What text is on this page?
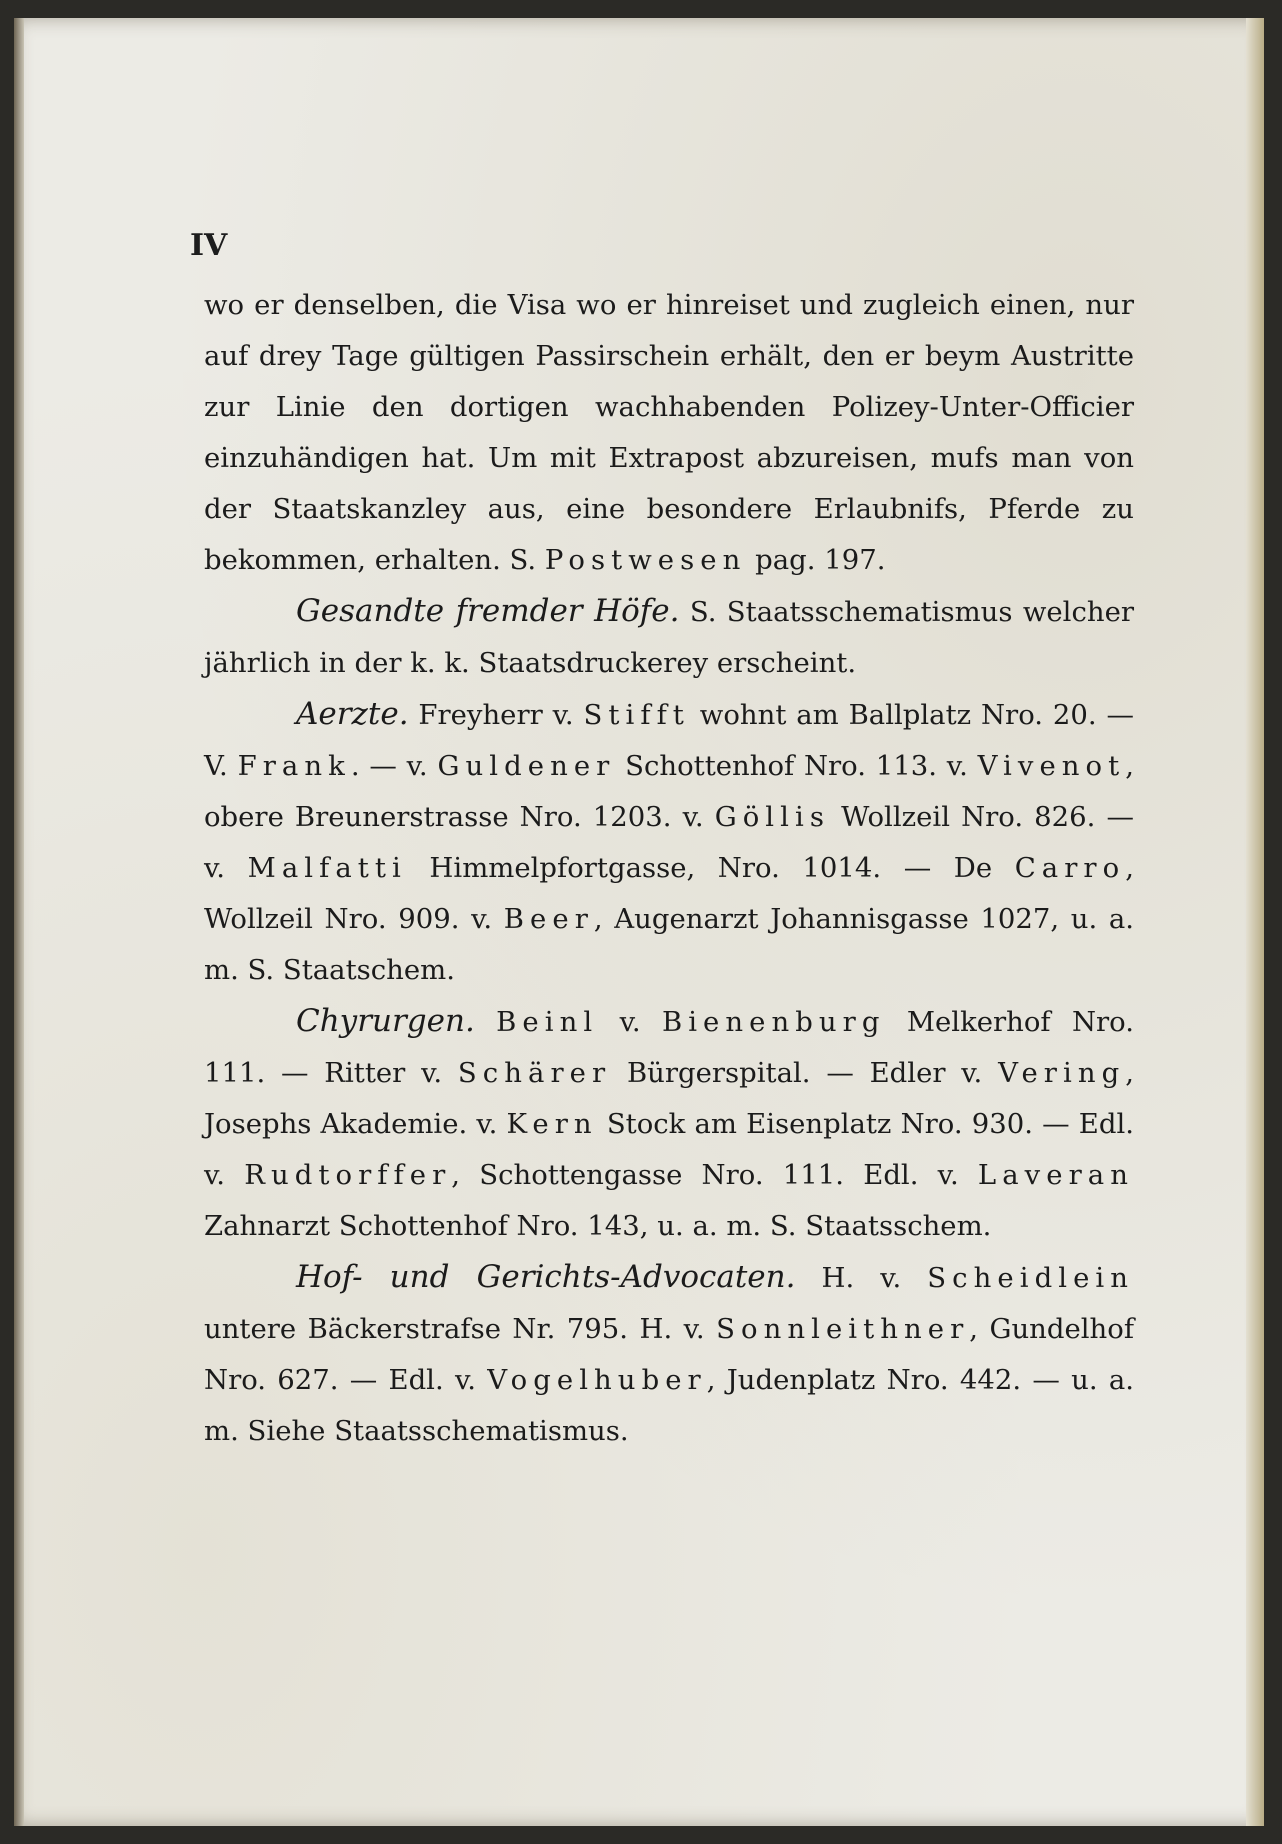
IV

wo er denselben, die Visa wo er hinreiset und zugleich einen, nur auf drey Tage gültigen Passirschein erhält, den er beym Austritte zur Linie den dortigen wachhabenden Polizey-Unter-Officier einzuhändigen hat. Um mit Extrapost abzureisen, mufs man von der Staatskanzley aus, eine besondere Erlaubnifs, Pferde zu bekommen, erhalten. S. Postwesen pag. 197.

Gesandte fremder Höfe. S. Staatsschematismus welcher jährlich in der k. k. Staatsdruckerey erscheint.

Aerzte. Freyherr v. Stifft wohnt am Ballplatz Nro. 20. — V. Frank. — v. Guldener Schottenhof Nro. 113. v. Vivenot, obere Breunerstrasse Nro. 1203. v. Göllis Wollzeil Nro. 826. — v. Malfatti Himmelpfortgasse, Nro. 1014. — De Carro, Wollzeil Nro. 909. v. Beer, Augenarzt Johannisgasse 1027, u. a. m. S. Staatschem.

Chyrurgen. Beinl v. Bienenburg Melkerhof Nro. 111. — Ritter v. Schärer Bürgerspital. — Edler v. Vering, Josephs Akademie. v. Kern Stock am Eisenplatz Nro. 930. — Edl. v. Rudtorffer, Schottengasse Nro. 111. Edl. v. Laveran Zahnarzt Schottenhof Nro. 143, u. a. m. S. Staatsschem.

Hof- und Gerichts-Advocaten. H. v. Scheidlein untere Bäckerstrafse Nr. 795. H. v. Sonnleithner, Gundelhof Nro. 627. — Edl. v. Vogelhuber, Judenplatz Nro. 442. — u. a. m. Siehe Staatsschematismus.
